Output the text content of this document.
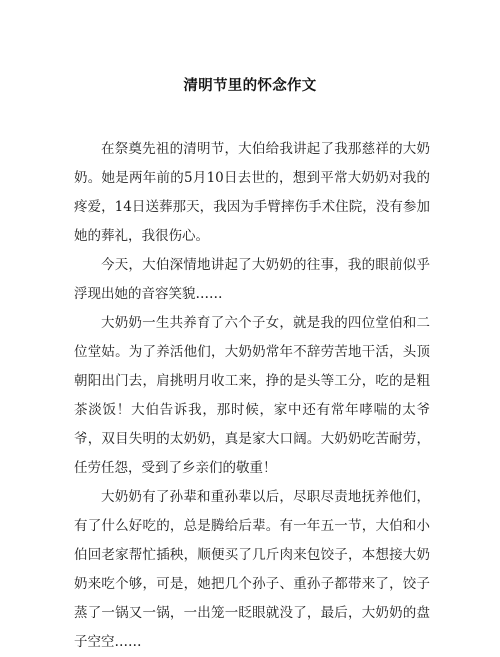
清明节里的怀念作文

在祭奠先祖的清明节，大伯给我讲起了我那慈祥的大奶奶。她是两年前的5月10日去世的，想到平常大奶奶对我的疼爱，14日送葬那天，我因为手臂摔伤手术住院，没有参加她的葬礼，我很伤心。

今天，大伯深情地讲起了大奶奶的往事，我的眼前似乎浮现出她的音容笑貌……

大奶奶一生共养育了六个子女，就是我的四位堂伯和二位堂姑。为了养活他们，大奶奶常年不辞劳苦地干活，头顶朝阳出门去，肩挑明月收工来，挣的是头等工分，吃的是粗茶淡饭！大伯告诉我，那时候，家中还有常年哮喘的太爷爷，双目失明的太奶奶，真是家大口阔。大奶奶吃苦耐劳，任劳任怨，受到了乡亲们的敬重！

大奶奶有了孙辈和重孙辈以后，尽职尽责地抚养他们，有了什么好吃的，总是腾给后辈。有一年五一节，大伯和小伯回老家帮忙插秧，顺便买了几斤肉来包饺子，本想接大奶奶来吃个够，可是，她把几个孙子、重孙子都带来了，饺子蒸了一锅又一锅，一出笼一眨眼就没了，最后，大奶奶的盘子空空……
